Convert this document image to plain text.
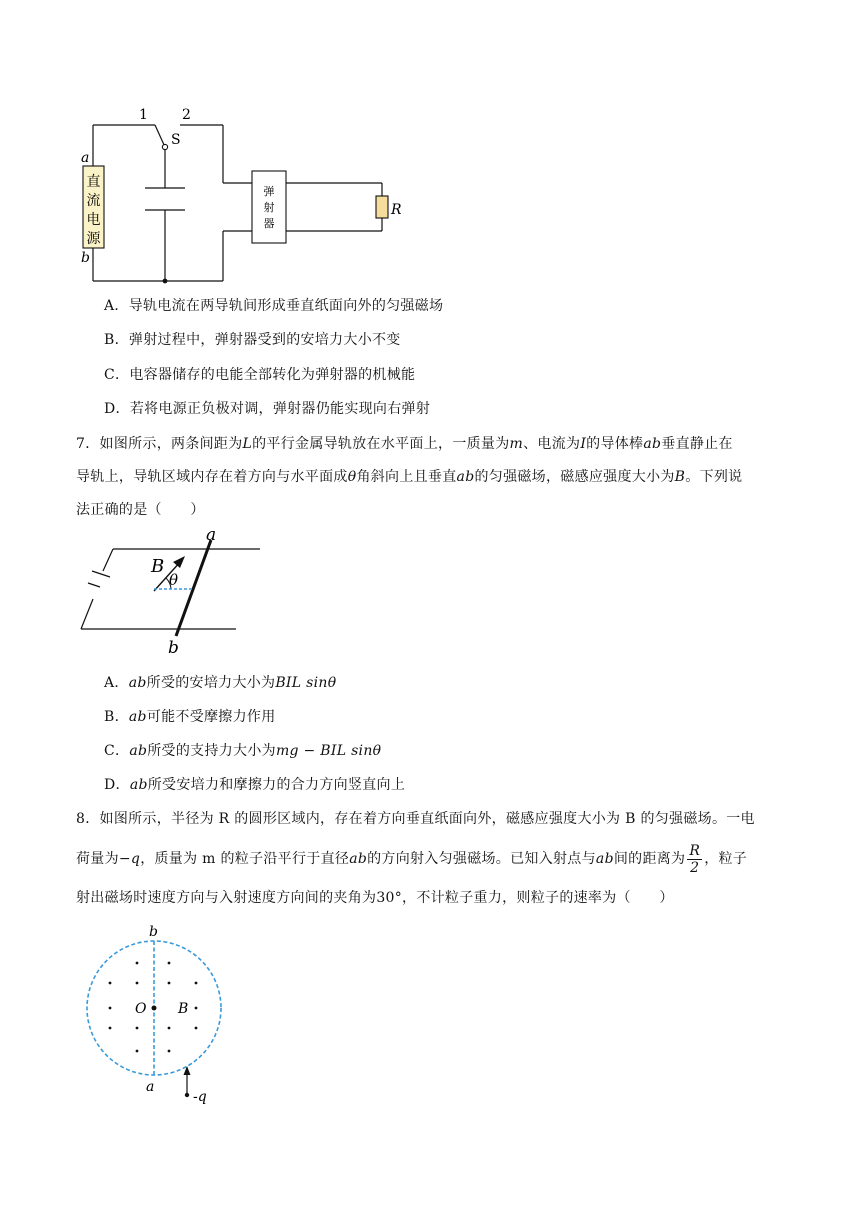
直
流
电
源
弹
射
器
a
b
1 2
S
R
A．导轨电流在两导轨间形成垂直纸面向外的匀强磁场
B．弹射过程中，弹射器受到的安培力大小不变
C．电容器储存的电能全部转化为弹射器的机械能
D．若将电源正负极对调，弹射器仍能实现向右弹射
7．如图所示，两条间距为L的平行金属导轨放在水平面上，一质量为m、电流为I的导体棒ab垂直静止在
导轨上，导轨区域内存在着方向与水平面成θ角斜向上且垂直ab的匀强磁场，磁感应强度大小为B。下列说
法正确的是（　　）
a
b
B
θ
A．ab所受的安培力大小为BIL sinθ
B．ab可能不受摩擦力作用
C．ab所受的支持力大小为mg − BIL sinθ
D．ab所受安培力和摩擦力的合力方向竖直向上
8．如图所示，半径为 R 的圆形区域内，存在着方向垂直纸面向外，磁感应强度大小为 B 的匀强磁场。一电
荷量为−q，质量为 m 的粒子沿平行于直径ab的方向射入匀强磁场。已知入射点与ab间的距离为 $\frac{R}{2}$ ，粒子
射出磁场时速度方向与入射速度方向间的夹角为30°，不计粒子重力，则粒子的速率为（　　）
b
a
O B
-q
